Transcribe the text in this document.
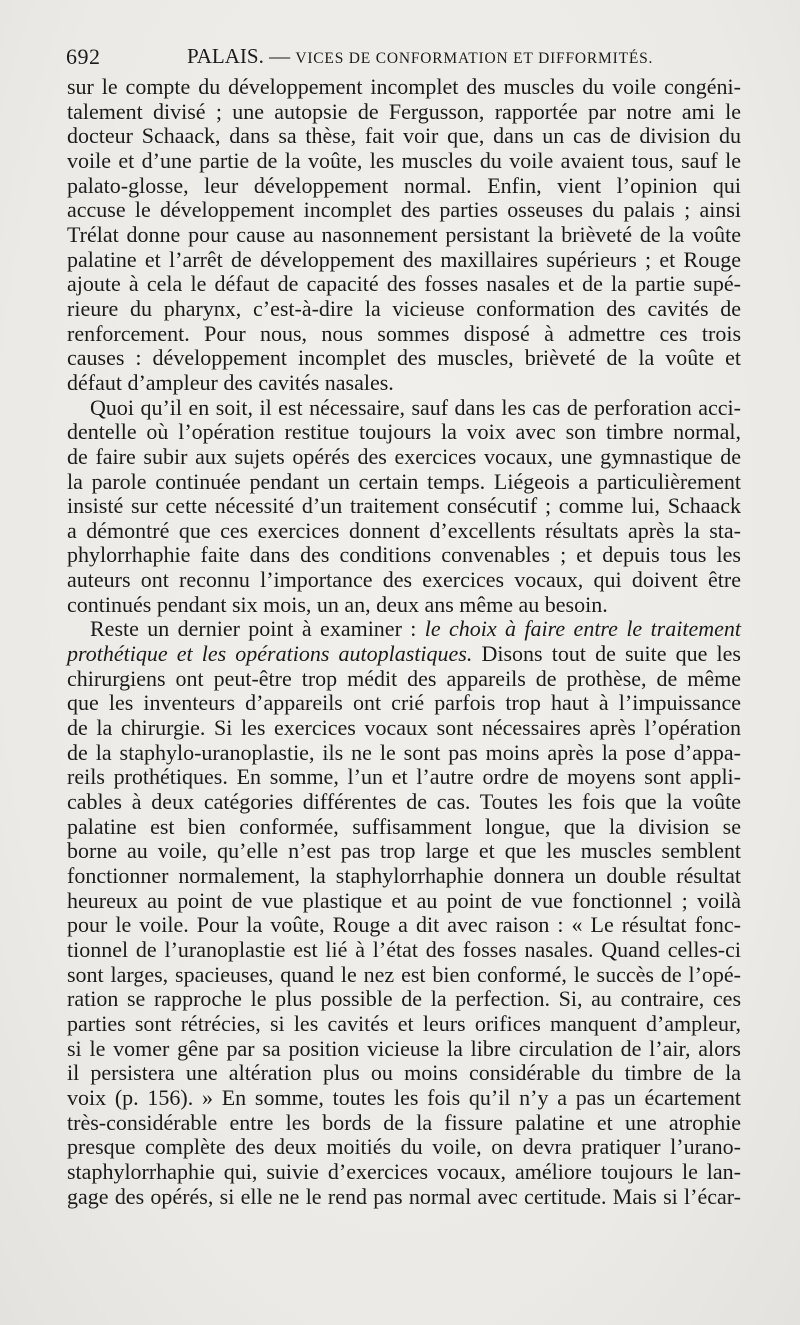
692	PALAIS. — VICES DE CONFORMATION ET DIFFORMITÉS.

sur le compte du développement incomplet des muscles du voile congéni-
talement divisé ; une autopsie de Fergusson, rapportée par notre ami le
docteur Schaack, dans sa thèse, fait voir que, dans un cas de division du
voile et d’une partie de la voûte, les muscles du voile avaient tous, sauf le
palato-glosse, leur développement normal. Enfin, vient l’opinion qui
accuse le développement incomplet des parties osseuses du palais ; ainsi
Trélat donne pour cause au nasonnement persistant la brièveté de la voûte
palatine et l’arrêt de développement des maxillaires supérieurs ; et Rouge
ajoute à cela le défaut de capacité des fosses nasales et de la partie supé-
rieure du pharynx, c’est-à-dire la vicieuse conformation des cavités de
renforcement. Pour nous, nous sommes disposé à admettre ces trois
causes : développement incomplet des muscles, brièveté de la voûte et
défaut d’ampleur des cavités nasales.

Quoi qu’il en soit, il est nécessaire, sauf dans les cas de perforation acci-
dentelle où l’opération restitue toujours la voix avec son timbre normal,
de faire subir aux sujets opérés des exercices vocaux, une gymnastique de
la parole continuée pendant un certain temps. Liégeois a particulièrement
insisté sur cette nécessité d’un traitement consécutif ; comme lui, Schaack
a démontré que ces exercices donnent d’excellents résultats après la sta-
phylorrhaphie faite dans des conditions convenables ; et depuis tous les
auteurs ont reconnu l’importance des exercices vocaux, qui doivent être
continués pendant six mois, un an, deux ans même au besoin.

Reste un dernier point à examiner : le choix à faire entre le traitement
prothétique et les opérations autoplastiques. Disons tout de suite que les
chirurgiens ont peut-être trop médit des appareils de prothèse, de même
que les inventeurs d’appareils ont crié parfois trop haut à l’impuissance
de la chirurgie. Si les exercices vocaux sont nécessaires après l’opération
de la staphylo-uranoplastie, ils ne le sont pas moins après la pose d’appa-
reils prothétiques. En somme, l’un et l’autre ordre de moyens sont appli-
cables à deux catégories différentes de cas. Toutes les fois que la voûte
palatine est bien conformée, suffisamment longue, que la division se
borne au voile, qu’elle n’est pas trop large et que les muscles semblent
fonctionner normalement, la staphylorrhaphie donnera un double résultat
heureux au point de vue plastique et au point de vue fonctionnel ; voilà
pour le voile. Pour la voûte, Rouge a dit avec raison : « Le résultat fonc-
tionnel de l’uranoplastie est lié à l’état des fosses nasales. Quand celles-ci
sont larges, spacieuses, quand le nez est bien conformé, le succès de l’opé-
ration se rapproche le plus possible de la perfection. Si, au contraire, ces
parties sont rétrécies, si les cavités et leurs orifices manquent d’ampleur,
si le vomer gêne par sa position vicieuse la libre circulation de l’air, alors
il persistera une altération plus ou moins considérable du timbre de la
voix (p. 156). » En somme, toutes les fois qu’il n’y a pas un écartement
très-considérable entre les bords de la fissure palatine et une atrophie
presque complète des deux moitiés du voile, on devra pratiquer l’urano-
staphylorrhaphie qui, suivie d’exercices vocaux, améliore toujours le lan-
gage des opérés, si elle ne le rend pas normal avec certitude. Mais si l’écar-
